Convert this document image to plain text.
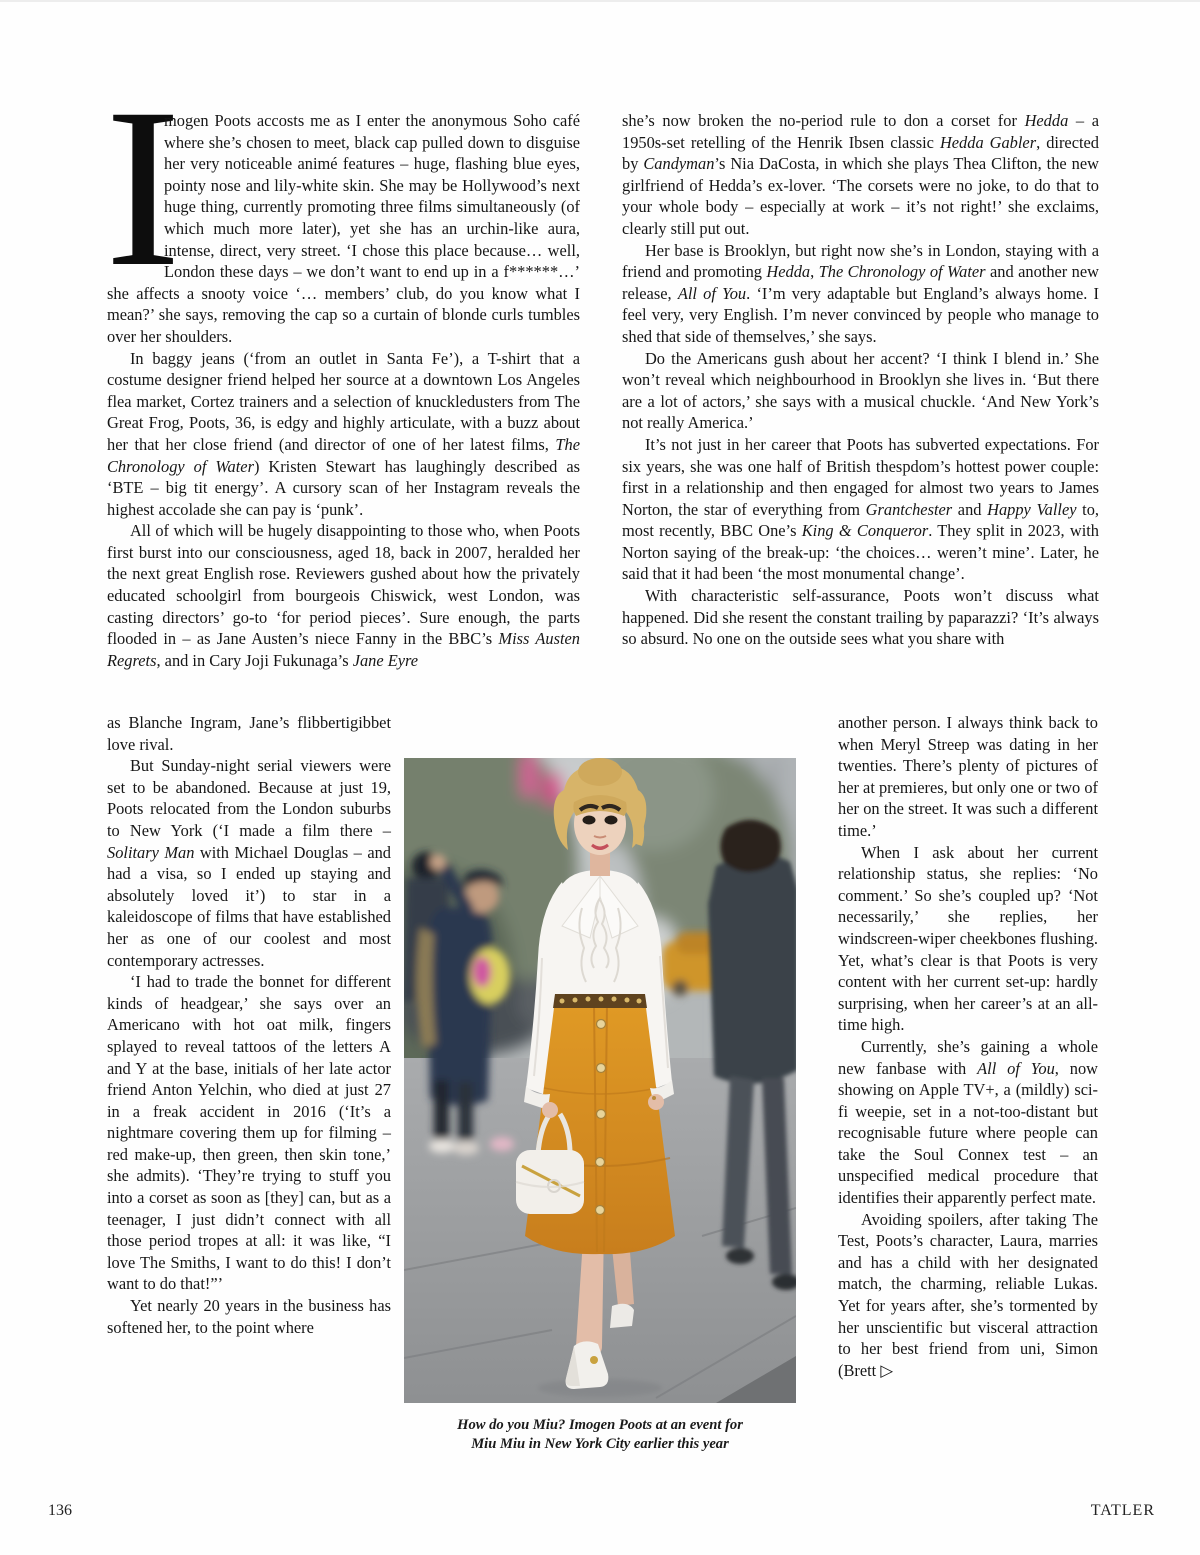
I
mogen Poots accosts me as I enter the anonymous Soho café where she’s chosen to meet, black cap pulled down to disguise her very noticeable animé features – huge, flashing blue eyes, pointy nose and lily-white skin. She may be Hollywood’s next huge thing, currently promoting three films simultaneously (of which much more later), yet she has an urchin-like aura, intense, direct, very street. ‘I chose this place because… well, London these days – we don’t want to end up in a f******…’ she affects a snooty voice ‘… members’ club, do you know what I mean?’ she says, removing the cap so a curtain of blonde curls tumbles over her shoulders.

In baggy jeans (‘from an outlet in Santa Fe’), a T-shirt that a costume designer friend helped her source at a downtown Los Angeles flea market, Cortez trainers and a selection of knuckledusters from The Great Frog, Poots, 36, is edgy and highly articulate, with a buzz about her that her close friend (and director of one of her latest films, The Chronology of Water) Kristen Stewart has laughingly described as ‘BTE – big tit energy’. A cursory scan of her Instagram reveals the highest accolade she can pay is ‘punk’.

All of which will be hugely disappointing to those who, when Poots first burst into our consciousness, aged 18, back in 2007, heralded her the next great English rose. Reviewers gushed about how the privately educated schoolgirl from bourgeois Chiswick, west London, was casting directors’ go-to ‘for period pieces’. Sure enough, the parts flooded in – as Jane Austen’s niece Fanny in the BBC’s Miss Austen Regrets, and in Cary Joji Fukunaga’s Jane Eyre

as Blanche Ingram, Jane’s flibbertigibbet love rival.

But Sunday-night serial viewers were set to be abandoned. Because at just 19, Poots relocated from the London suburbs to New York (‘I made a film there – Solitary Man with Michael Douglas – and had a visa, so I ended up staying and absolutely loved it’) to star in a kaleidoscope of films that have established her as one of our coolest and most contemporary actresses.

‘I had to trade the bonnet for different kinds of headgear,’ she says over an Americano with hot oat milk, fingers splayed to reveal tattoos of the letters A and Y at the base, initials of her late actor friend Anton Yelchin, who died at just 27 in a freak accident in 2016 (‘It’s a nightmare covering them up for filming – red make-up, then green, then skin tone,’ she admits). ‘They’re trying to stuff you into a corset as soon as [they] can, but as a teenager, I just didn’t connect with all those period tropes at all: it was like, “I love The Smiths, I want to do this! I don’t want to do that!”’

Yet nearly 20 years in the business has softened her, to the point where

she’s now broken the no-period rule to don a corset for Hedda – a 1950s-set retelling of the Henrik Ibsen classic Hedda Gabler, directed by Candyman’s Nia DaCosta, in which she plays Thea Clifton, the new girlfriend of Hedda’s ex-lover. ‘The corsets were no joke, to do that to your whole body – especially at work – it’s not right!’ she exclaims, clearly still put out.

Her base is Brooklyn, but right now she’s in London, staying with a friend and promoting Hedda, The Chronology of Water and another new release, All of You. ‘I’m very adaptable but England’s always home. I feel very, very English. I’m never convinced by people who manage to shed that side of themselves,’ she says.

Do the Americans gush about her accent? ‘I think I blend in.’ She won’t reveal which neighbourhood in Brooklyn she lives in. ‘But there are a lot of actors,’ she says with a musical chuckle. ‘And New York’s not really America.’

It’s not just in her career that Poots has subverted expectations. For six years, she was one half of British thespdom’s hottest power couple: first in a relationship and then engaged for almost two years to James Norton, the star of everything from Grantchester and Happy Valley to, most recently, BBC One’s King & Conqueror. They split in 2023, with Norton saying of the break-up: ‘the choices… weren’t mine’. Later, he said that it had been ‘the most monumental change’.

With characteristic self-assurance, Poots won’t discuss what happened. Did she resent the constant trailing by paparazzi? ‘It’s always so absurd. No one on the outside sees what you share with

another person. I always think back to when Meryl Streep was dating in her twenties. There’s plenty of pictures of her at premieres, but only one or two of her on the street. It was such a different time.’

When I ask about her current relationship status, she replies: ‘No comment.’ So she’s coupled up? ‘Not necessarily,’ she replies, her windscreen-wiper cheekbones flushing. Yet, what’s clear is that Poots is very content with her current set-up: hardly surprising, when her career’s at an all-time high.

Currently, she’s gaining a whole new fanbase with All of You, now showing on Apple TV+, a (mildly) sci-fi weepie, set in a not-too-distant but recognisable future where people can take the Soul Connex test – an unspecified medical procedure that identifies their apparently perfect mate.

Avoiding spoilers, after taking The Test, Poots’s character, Laura, marries and has a child with her designated match, the charming, reliable Lukas. Yet for years after, she’s tormented by her unscientific but visceral attraction to her best friend from uni, Simon (Brett ▷

How do you Miu? Imogen Poots at an event for
Miu Miu in New York City earlier this year
136	TATLER
